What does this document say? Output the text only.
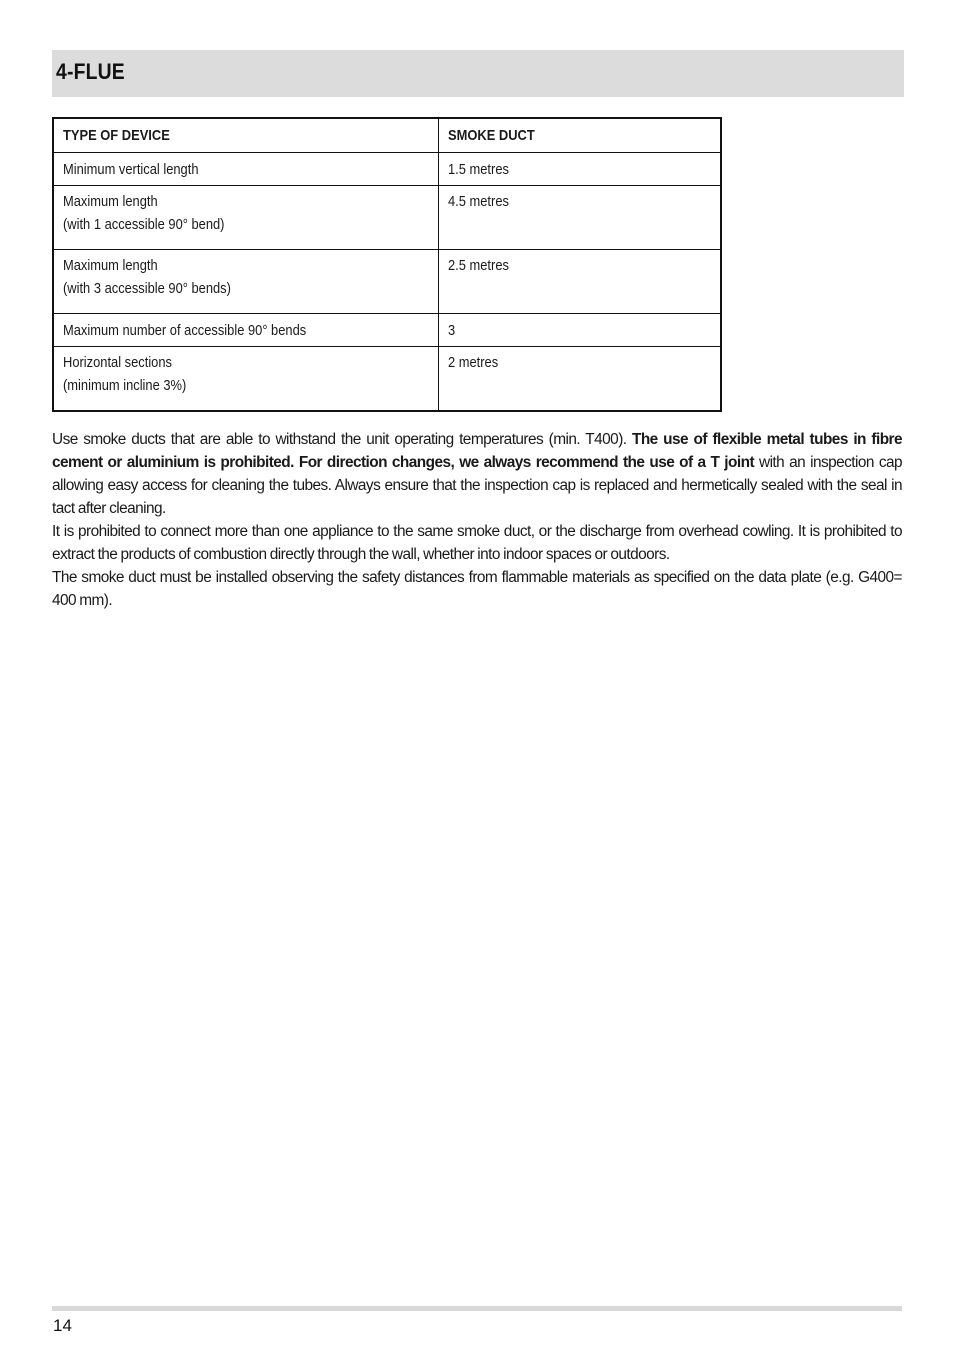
4-FLUE
TYPE OF DEVICE	SMOKE DUCT

Minimum vertical length	1.5 metres

Maximum length
(with 1 accessible 90° bend)	4.5 metres

Maximum length
(with 3 accessible 90° bends)	2.5 metres

Maximum number of accessible 90° bends	3

Horizontal sections
(minimum incline 3%)	2 metres

Use smoke ducts that are able to withstand the unit operating temperatures (min. T400). The use of flexible metal tubes in fibre cement or aluminium is prohibited. For direction changes, we always recommend the use of a T joint with an inspection cap allowing easy access for cleaning the tubes. Always ensure that the inspection cap is replaced and hermetically sealed with the seal in tact after cleaning.

It is prohibited to connect more than one appliance to the same smoke duct, or the discharge from overhead cowling. It is prohibited to extract the products of combustion directly through the wall, whether into indoor spaces or outdoors.

The smoke duct must be installed observing the safety distances from flammable materials as specified on the data plate (e.g. G400= 400 mm).

14
